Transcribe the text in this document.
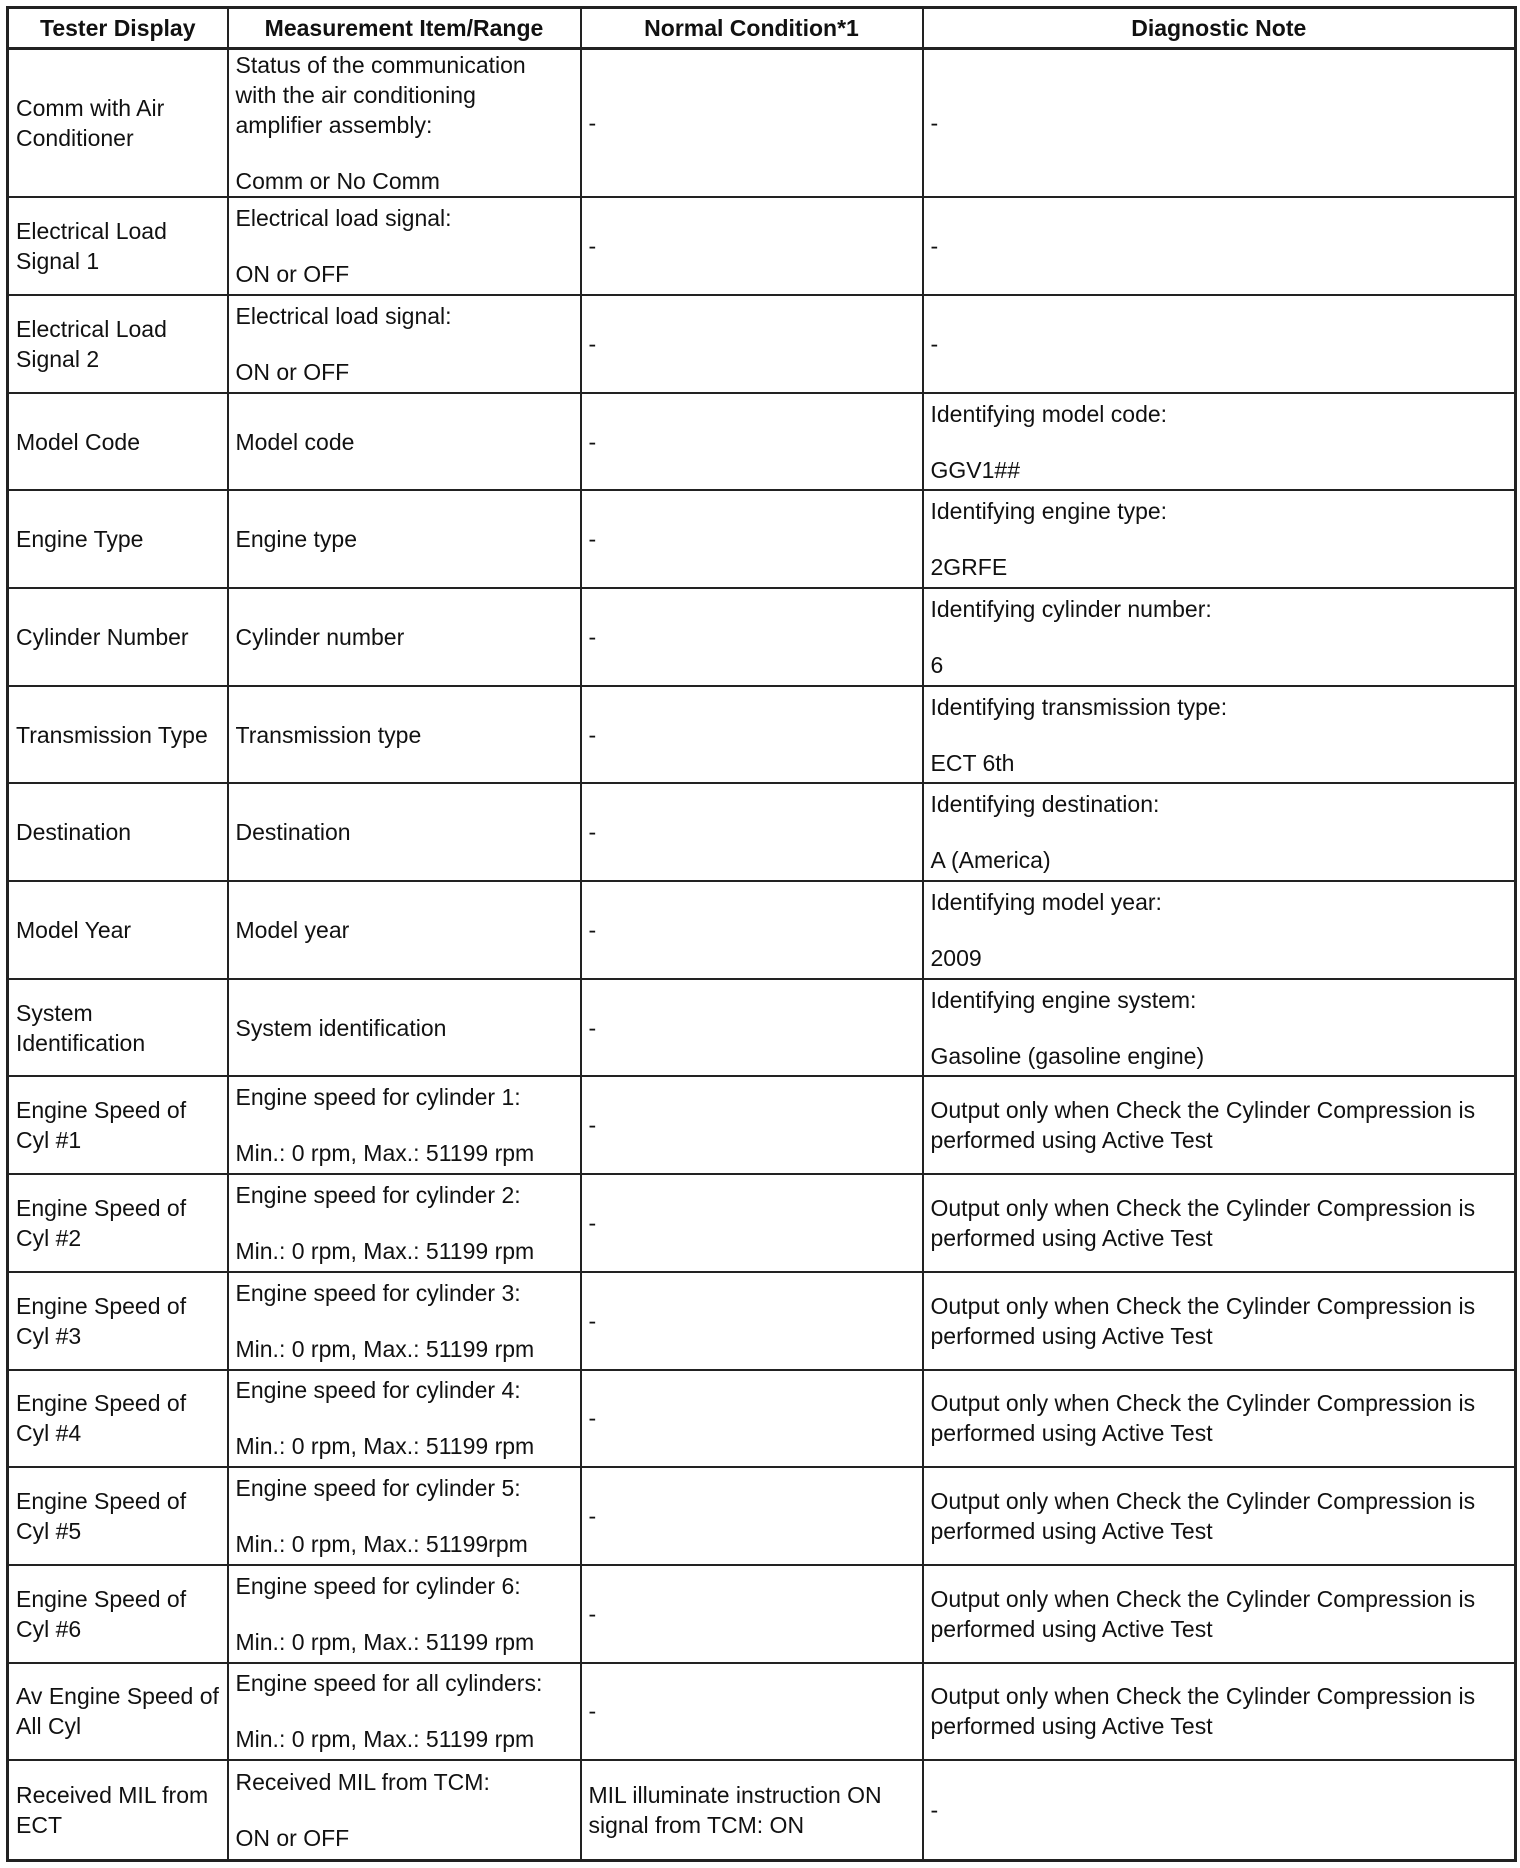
Tester Display	Measurement Item/Range	Normal Condition*1	Diagnostic Note
Comm with Air Conditioner	Status of the communication
with the air conditioning
amplifier assembly:
Comm or No Comm	-	-
Electrical Load Signal 1	Electrical load signal:
ON or OFF	-	-
Electrical Load Signal 2	Electrical load signal:
ON or OFF	-	-
Model Code	Model code	-	Identifying model code:
GGV1##

Engine Type	Engine type	-	Identifying engine type:
2GRFE

Cylinder Number	Cylinder number	-	Identifying cylinder number:
6

Transmission Type	Transmission type	-	Identifying transmission type:
ECT 6th

Destination	Destination	-	Identifying destination:
A (America)

Model Year	Model year	-	Identifying model year:
2009

System Identification	System identification	-	Identifying engine system:
Gasoline (gasoline engine)

Engine Speed of Cyl #1	Engine speed for cylinder 1:
Min.: 0 rpm, Max.: 51199 rpm	-	Output only when Check the Cylinder Compression is performed using Active Test
Engine Speed of Cyl #2	Engine speed for cylinder 2:
Min.: 0 rpm, Max.: 51199 rpm	-	Output only when Check the Cylinder Compression is performed using Active Test
Engine Speed of Cyl #3	Engine speed for cylinder 3:
Min.: 0 rpm, Max.: 51199 rpm	-	Output only when Check the Cylinder Compression is performed using Active Test
Engine Speed of Cyl #4	Engine speed for cylinder 4:
Min.: 0 rpm, Max.: 51199 rpm	-	Output only when Check the Cylinder Compression is performed using Active Test
Engine Speed of Cyl #5	Engine speed for cylinder 5:
Min.: 0 rpm, Max.: 51199rpm	-	Output only when Check the Cylinder Compression is performed using Active Test
Engine Speed of Cyl #6	Engine speed for cylinder 6:
Min.: 0 rpm, Max.: 51199 rpm	-	Output only when Check the Cylinder Compression is performed using Active Test
Av Engine Speed of All Cyl	Engine speed for all cylinders:
Min.: 0 rpm, Max.: 51199 rpm	-	Output only when Check the Cylinder Compression is performed using Active Test
Received MIL from ECT	Received MIL from TCM:
ON or OFF	MIL illuminate instruction ON signal from TCM: ON	-
